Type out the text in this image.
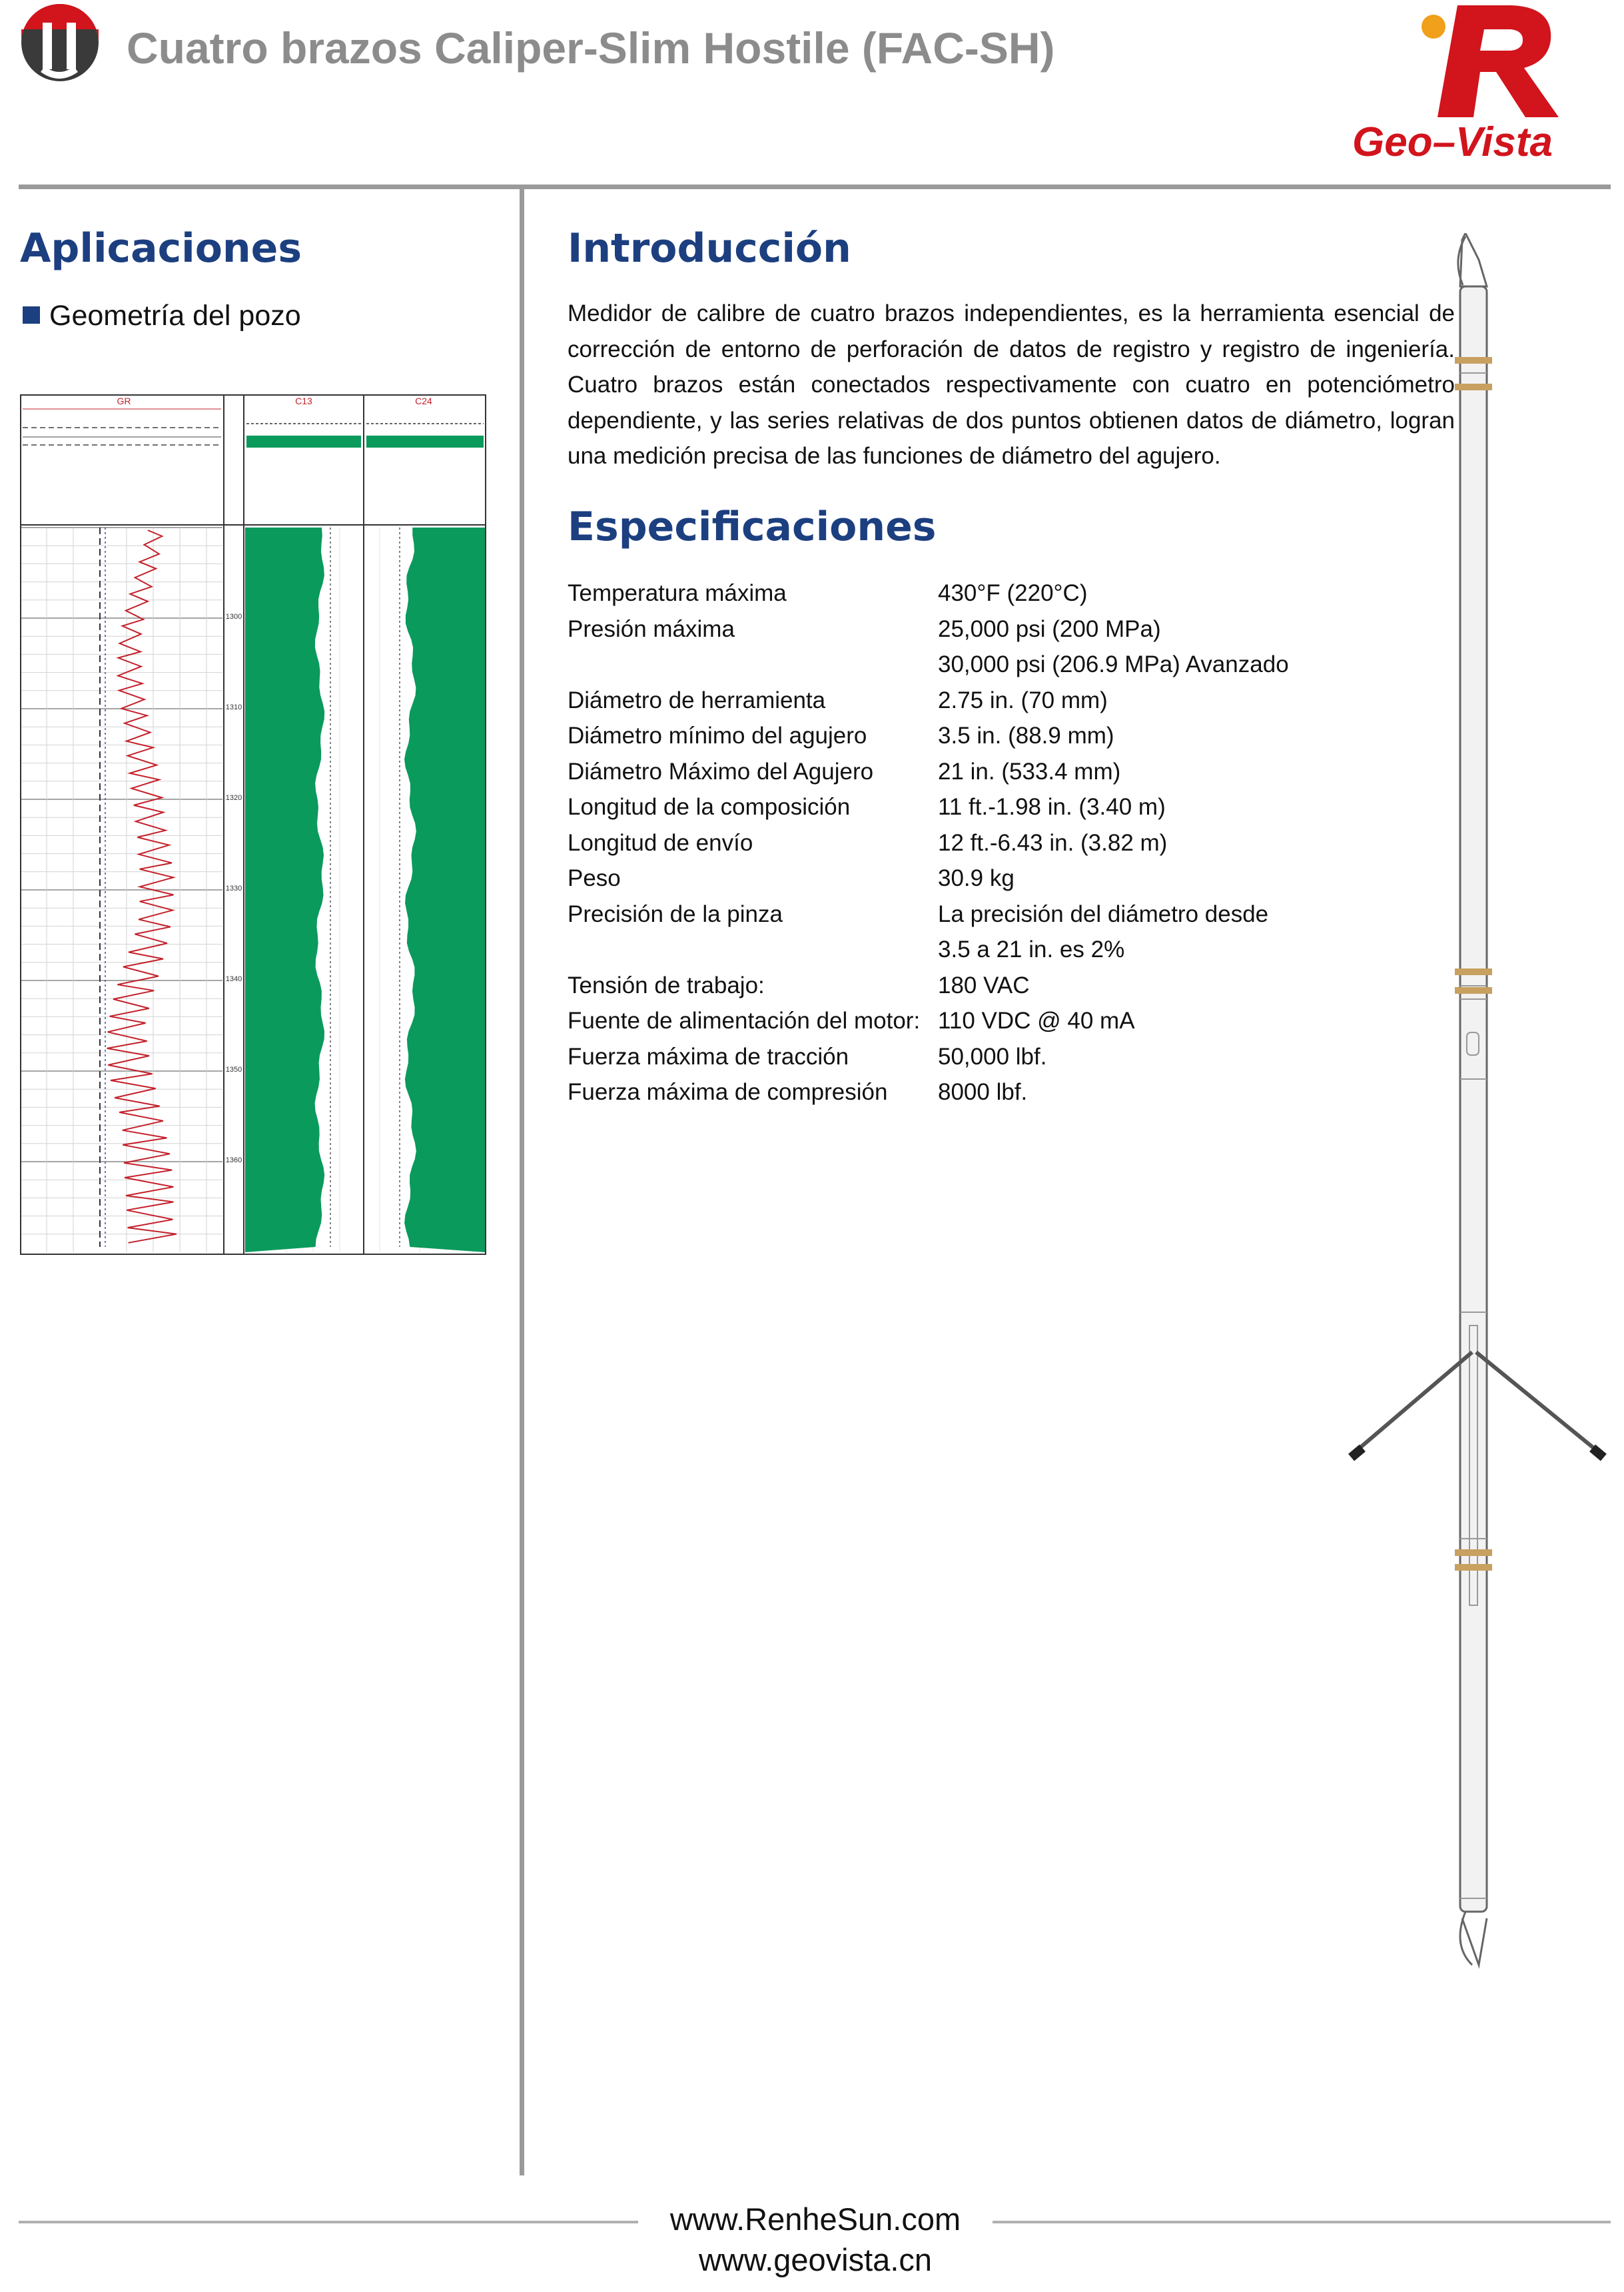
Cuatro brazos Caliper-Slim Hostile (FAC-SH)
Geo–Vista
Aplicaciones
Geometría del pozo
GR	C13	C24
1300
1310
1320
1330
1340
1350
1360
Introducción
Medidor de calibre de cuatro brazos independientes, es la herramienta esencial de corrección de entorno de perforación de datos de registro y registro de ingeniería. Cuatro brazos están conectados respectivamente con cuatro en potenciómetro dependiente, y las series relativas de dos puntos obtienen datos de diámetro, logran una medición precisa de las funciones de diámetro del agujero.
Especificaciones
Temperatura máxima	430°F (220°C)
Presión máxima	25,000 psi (200 MPa)
30,000 psi (206.9 MPa) Avanzado
Diámetro de herramienta	2.75 in. (70 mm)
Diámetro mínimo del agujero	3.5 in. (88.9 mm)
Diámetro Máximo del Agujero	21 in. (533.4 mm)
Longitud de la composición	11 ft.-1.98 in. (3.40 m)
Longitud de envío	12 ft.-6.43 in. (3.82 m)
Peso	30.9 kg
Precisión de la pinza	La precisión del diámetro desde
3.5 a 21 in. es 2%
Tensión de trabajo:	180 VAC
Fuente de alimentación del motor: 110 VDC @ 40 mA
Fuerza máxima de tracción	50,000 lbf.
Fuerza máxima de compresión 8000 lbf.
www.RenheSun.com
www.geovista.cn
